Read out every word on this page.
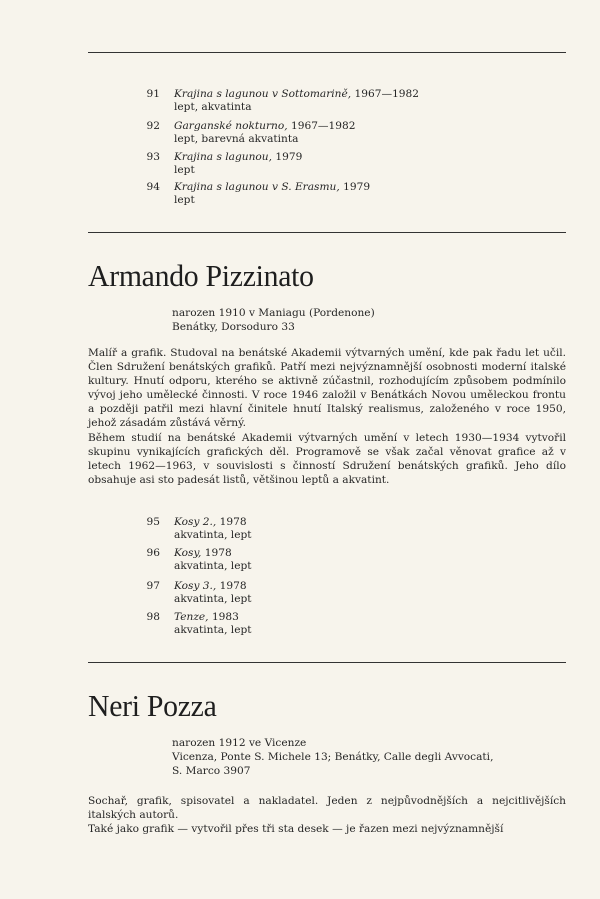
91 Krajina s lagunou v Sottomarině, 1967—1982
lept, akvatinta
92 Garganské nokturno, 1967—1982
lept, barevná akvatinta
93 Krajina s lagunou, 1979
lept
94 Krajina s lagunou v S. Erasmu, 1979
lept
Armando Pizzinato
narozen 1910 v Maniagu (Pordenone)
Benátky, Dorsoduro 33

Malíř a grafik. Studoval na benátské Akademii výtvarných umění, kde pak řadu let učil. Člen Sdružení benátských grafiků. Patří mezi nejvýznamnější osobnosti moderní italské kultury. Hnutí odporu, kterého se aktivně zúčastnil, rozhodujícím způsobem podmínilo vývoj jeho umělecké činnosti. V roce 1946 založil v Benátkách Novou uměleckou frontu a později patřil mezi hlavní činitele hnutí Italský realismus, založeného v roce 1950, jehož zásadám zůstává věrný.

Během studií na benátské Akademii výtvarných umění v letech 1930—1934 vytvořil skupinu vynikajících grafických děl. Programově se však začal věnovat grafice až v letech 1962—1963, v souvislosti s činností Sdružení benátských grafiků. Jeho dílo obsahuje asi sto padesát listů, většinou leptů a akvatint.

95 Kosy 2., 1978
akvatinta, lept
96 Kosy, 1978
akvatinta, lept
97 Kosy 3., 1978
akvatinta, lept
98 Tenze, 1983
akvatinta, lept
Neri Pozza
narozen 1912 ve Vicenze
Vicenza, Ponte S. Michele 13; Benátky, Calle degli Avvocati,
S. Marco 3907

Sochař, grafik, spisovatel a nakladatel. Jeden z nejpůvodnějších a nejcitlivějších italských autorů.

Také jako grafik — vytvořil přes tři sta desek — je řazen mezi nejvýznamnější
